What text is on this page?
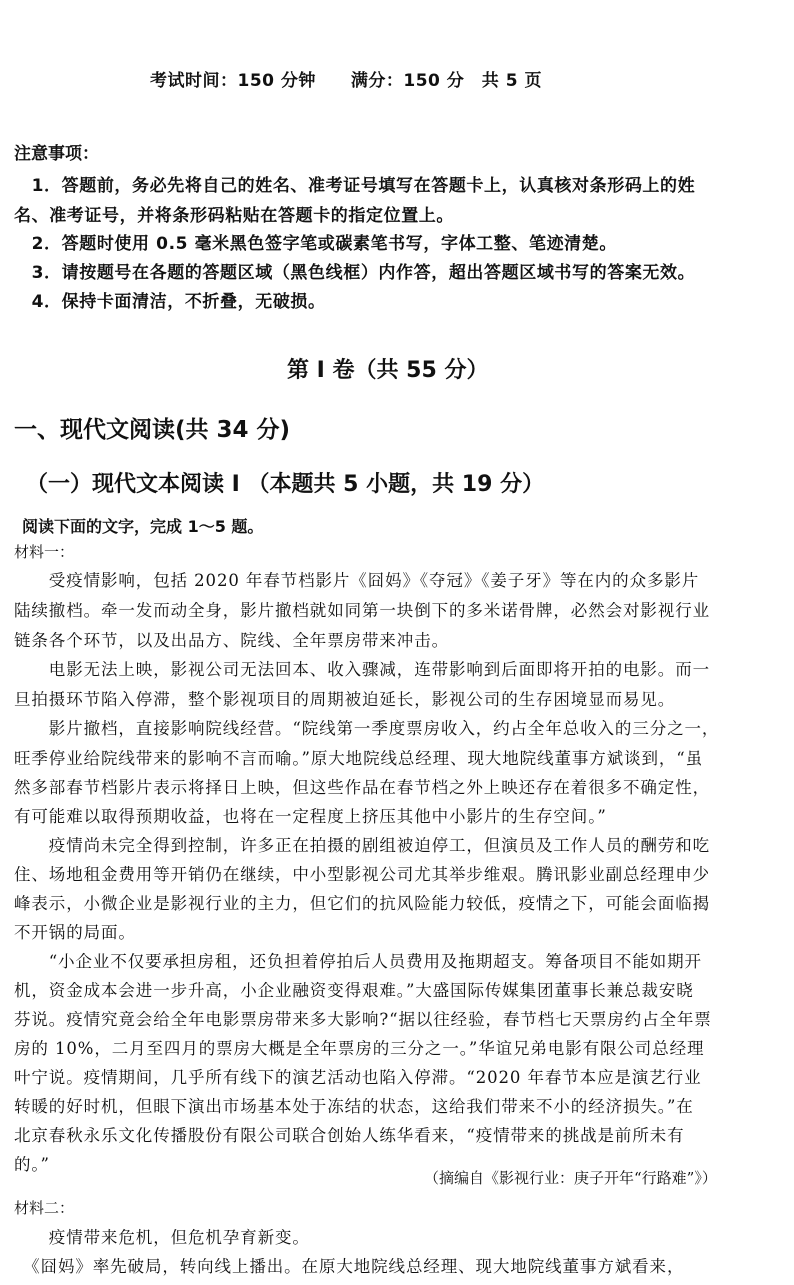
考试时间：150 分钟　　满分：150 分　共 5 页
注意事项：
　1．答题前，务必先将自己的姓名、准考证号填写在答题卡上，认真核对条形码上的姓
名、准考证号，并将条形码粘贴在答题卡的指定位置上。
　2．答题时使用 0.5 毫米黑色签字笔或碳素笔书写，字体工整、笔迹清楚。
　3．请按题号在各题的答题区域（黑色线框）内作答，超出答题区域书写的答案无效。
　4．保持卡面清洁，不折叠，无破损。
第 I 卷（共 55 分）
一、现代文阅读(共 34 分)
（一）现代文本阅读 I （本题共 5 小题，共 19 分）
阅读下面的文字，完成 1～5 题。
材料一：
　　受疫情影响，包括 2020 年春节档影片《囧妈》《夺冠》《姜子牙》等在内的众多影片
陆续撤档。牵一发而动全身，影片撤档就如同第一块倒下的多米诺骨牌，必然会对影视行业
链条各个环节，以及出品方、院线、全年票房带来冲击。
　　电影无法上映，影视公司无法回本、收入骤减，连带影响到后面即将开拍的电影。而一
旦拍摄环节陷入停滞，整个影视项目的周期被迫延长，影视公司的生存困境显而易见。
　　影片撤档，直接影响院线经营。“院线第一季度票房收入，约占全年总收入的三分之一，
旺季停业给院线带来的影响不言而喻。”原大地院线总经理、现大地院线董事方斌谈到，“虽
然多部春节档影片表示将择日上映，但这些作品在春节档之外上映还存在着很多不确定性，
有可能难以取得预期收益，也将在一定程度上挤压其他中小影片的生存空间。”
　　疫情尚未完全得到控制，许多正在拍摄的剧组被迫停工，但演员及工作人员的酬劳和吃
住、场地租金费用等开销仍在继续，中小型影视公司尤其举步维艰。腾讯影业副总经理申少
峰表示，小微企业是影视行业的主力，但它们的抗风险能力较低，疫情之下，可能会面临揭
不开锅的局面。
　　“小企业不仅要承担房租，还负担着停拍后人员费用及拖期超支。筹备项目不能如期开
机，资金成本会进一步升高，小企业融资变得艰难。”大盛国际传媒集团董事长兼总裁安晓
芬说。疫情究竟会给全年电影票房带来多大影响?“据以往经验，春节档七天票房约占全年票
房的 10%，二月至四月的票房大概是全年票房的三分之一。”华谊兄弟电影有限公司总经理
叶宁说。疫情期间，几乎所有线下的演艺活动也陷入停滞。“2020 年春节本应是演艺行业
转暖的好时机，但眼下演出市场基本处于冻结的状态，这给我们带来不小的经济损失。”在
北京春秋永乐文化传播股份有限公司联合创始人练华看来，“疫情带来的挑战是前所未有
的。”
（摘编自《影视行业：庚子开年“行路难”》）
材料二：
　　疫情带来危机，但危机孕育新变。
　《囧妈》率先破局，转向线上播出。在原大地院线总经理、现大地院线董事方斌看来，
